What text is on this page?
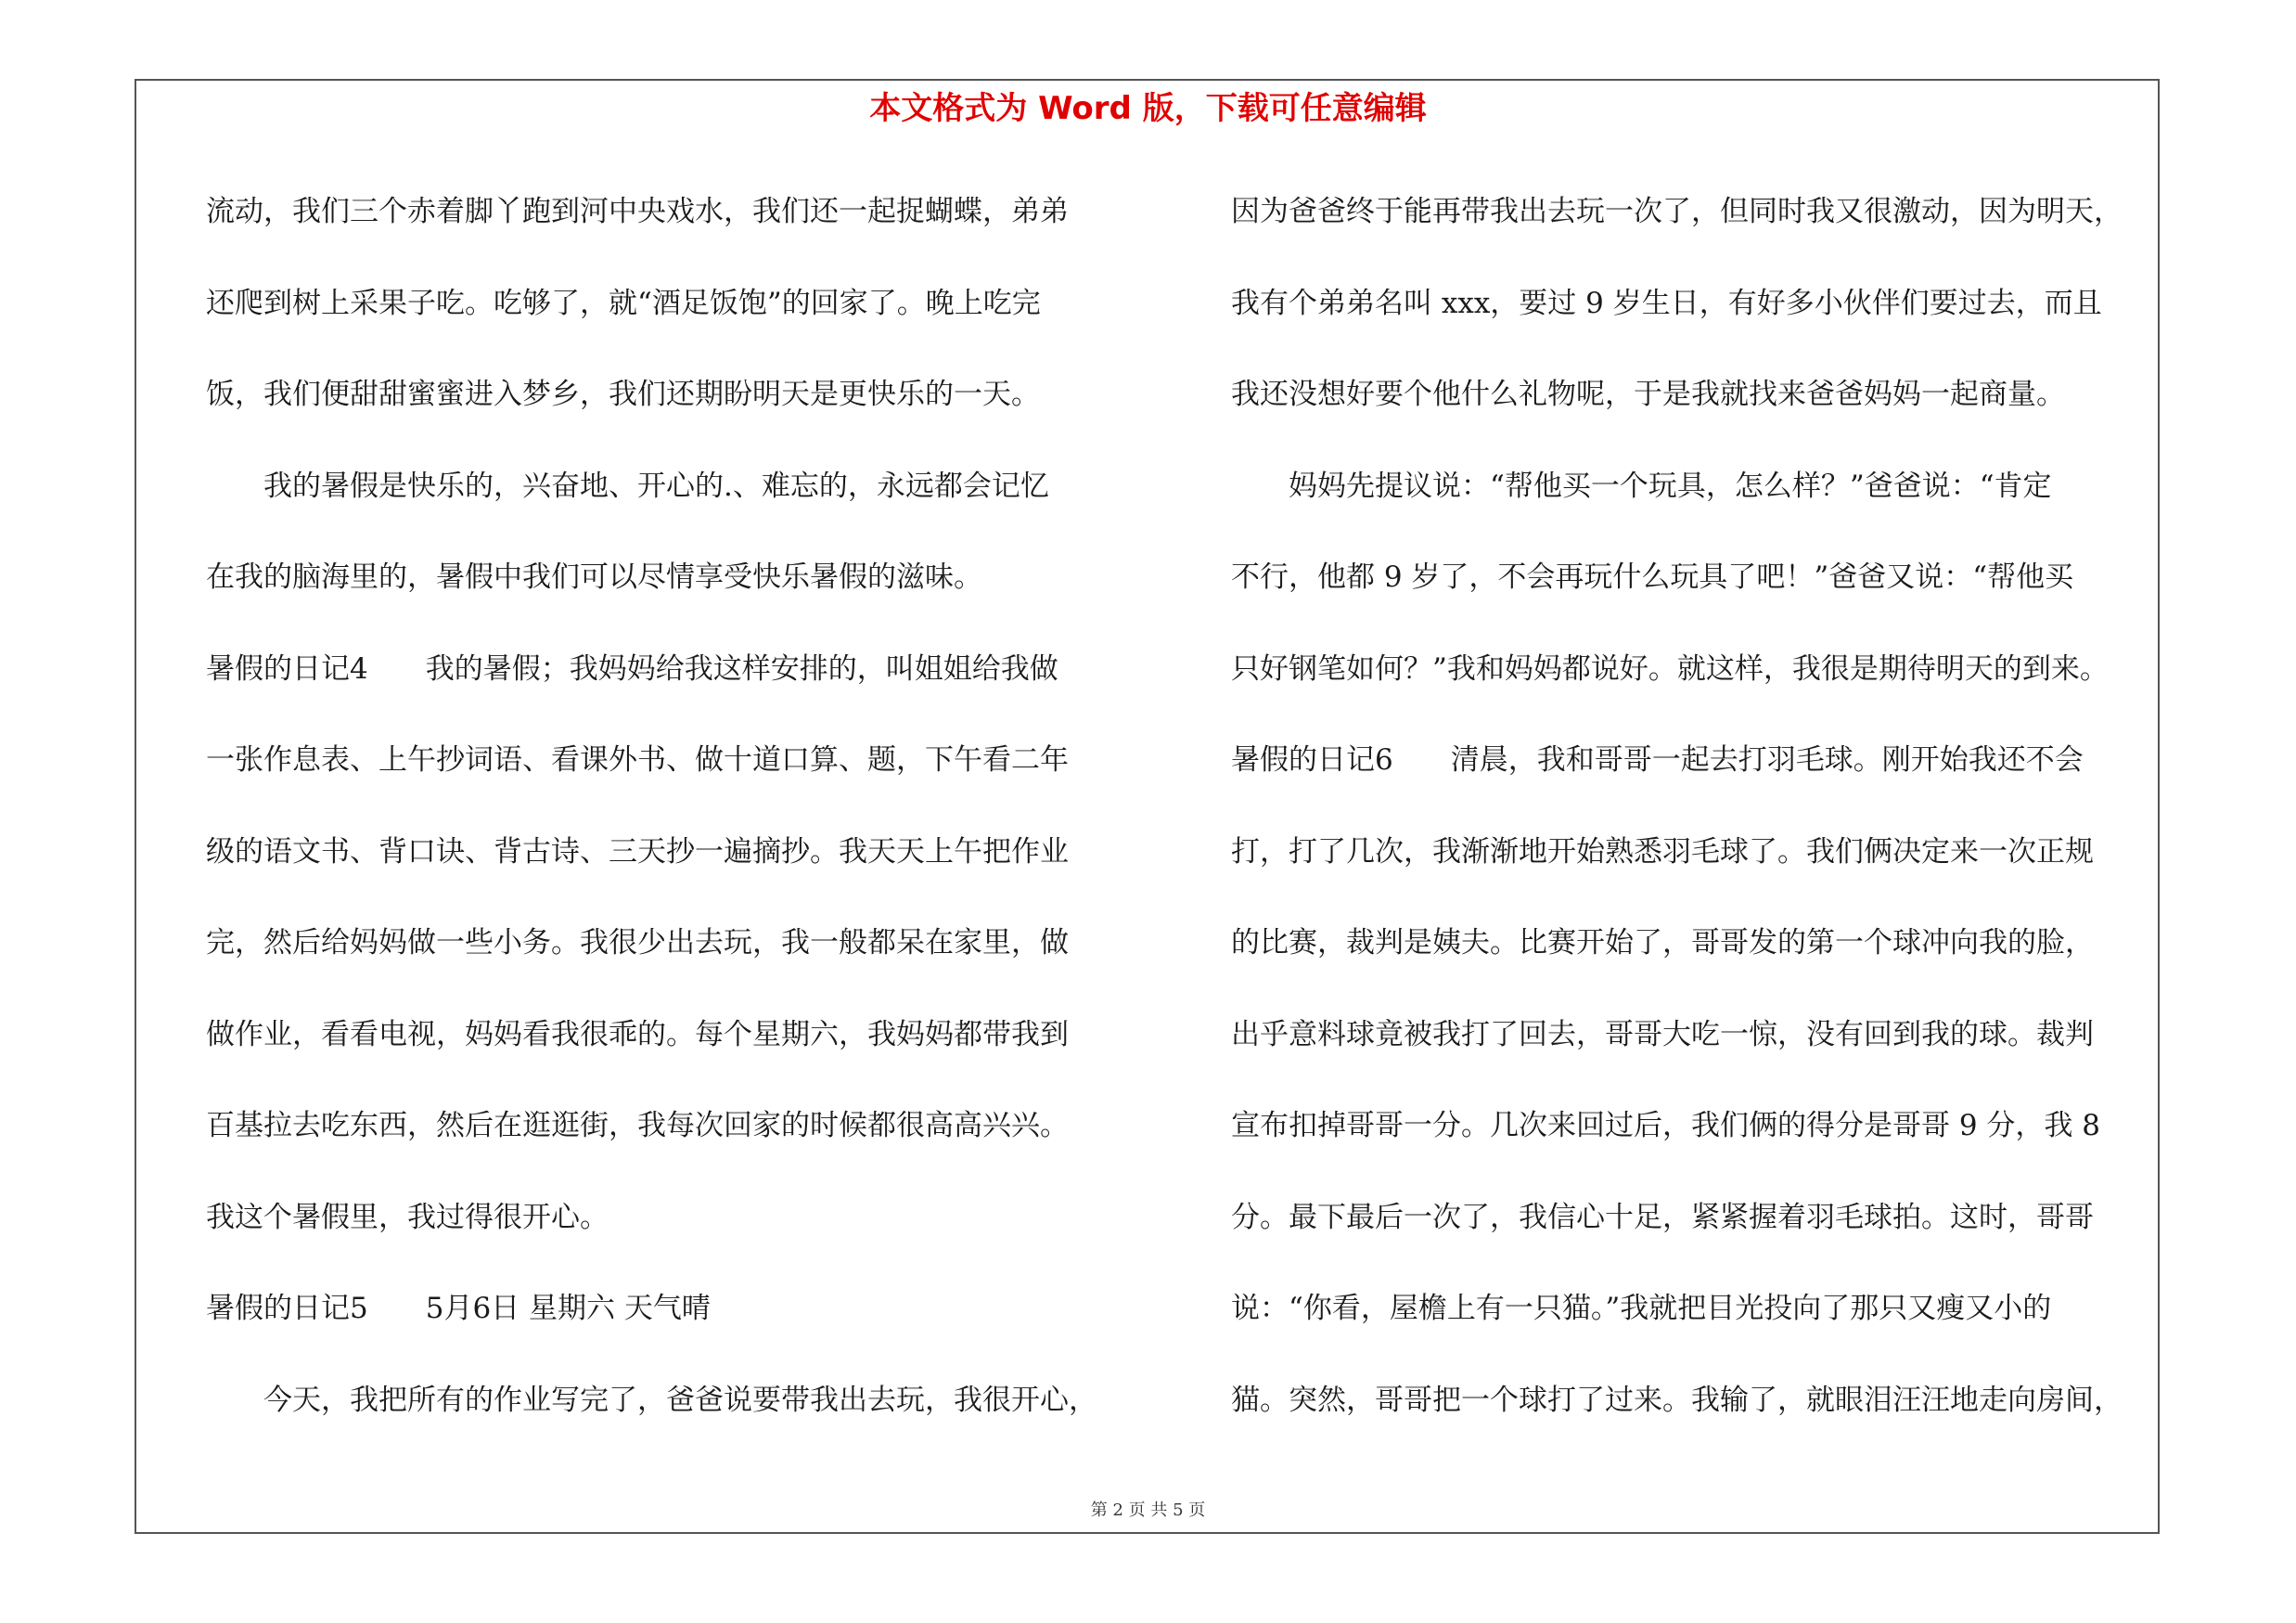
本文格式为 Word 版，下载可任意编辑
流动，我们三个赤着脚丫跑到河中央戏水，我们还一起捉蝴蝶，弟弟
还爬到树上采果子吃。吃够了，就“酒足饭饱”的回家了。晚上吃完
饭，我们便甜甜蜜蜜进入梦乡，我们还期盼明天是更快乐的一天。
　　我的暑假是快乐的，兴奋地、开心的.、难忘的，永远都会记忆
在我的脑海里的，暑假中我们可以尽情享受快乐暑假的滋味。
暑假的日记4　　我的暑假；我妈妈给我这样安排的，叫姐姐给我做
一张作息表、上午抄词语、看课外书、做十道口算、题，下午看二年
级的语文书、背口诀、背古诗、三天抄一遍摘抄。我天天上午把作业
完，然后给妈妈做一些小务。我很少出去玩，我一般都呆在家里，做
做作业，看看电视，妈妈看我很乖的。每个星期六，我妈妈都带我到
百基拉去吃东西，然后在逛逛街，我每次回家的时候都很高高兴兴。
我这个暑假里，我过得很开心。
暑假的日记5　　5月6日 星期六 天气晴
　　今天，我把所有的作业写完了，爸爸说要带我出去玩，我很开心，
因为爸爸终于能再带我出去玩一次了，但同时我又很激动，因为明天，
我有个弟弟名叫 xxx，要过 9 岁生日，有好多小伙伴们要过去，而且
我还没想好要个他什么礼物呢，于是我就找来爸爸妈妈一起商量。
　　妈妈先提议说：“帮他买一个玩具，怎么样？”爸爸说：“肯定
不行，他都 9 岁了，不会再玩什么玩具了吧！”爸爸又说：“帮他买
只好钢笔如何？”我和妈妈都说好。就这样，我很是期待明天的到来。
暑假的日记6　　清晨，我和哥哥一起去打羽毛球。刚开始我还不会
打，打了几次，我渐渐地开始熟悉羽毛球了。我们俩决定来一次正规
的比赛，裁判是姨夫。比赛开始了，哥哥发的第一个球冲向我的脸，
出乎意料球竟被我打了回去，哥哥大吃一惊，没有回到我的球。裁判
宣布扣掉哥哥一分。几次来回过后，我们俩的得分是哥哥 9 分，我 8
分。最下最后一次了，我信心十足，紧紧握着羽毛球拍。这时，哥哥
说：“你看，屋檐上有一只猫。”我就把目光投向了那只又瘦又小的
猫。突然，哥哥把一个球打了过来。我输了，就眼泪汪汪地走向房间，
第 2 页 共 5 页
